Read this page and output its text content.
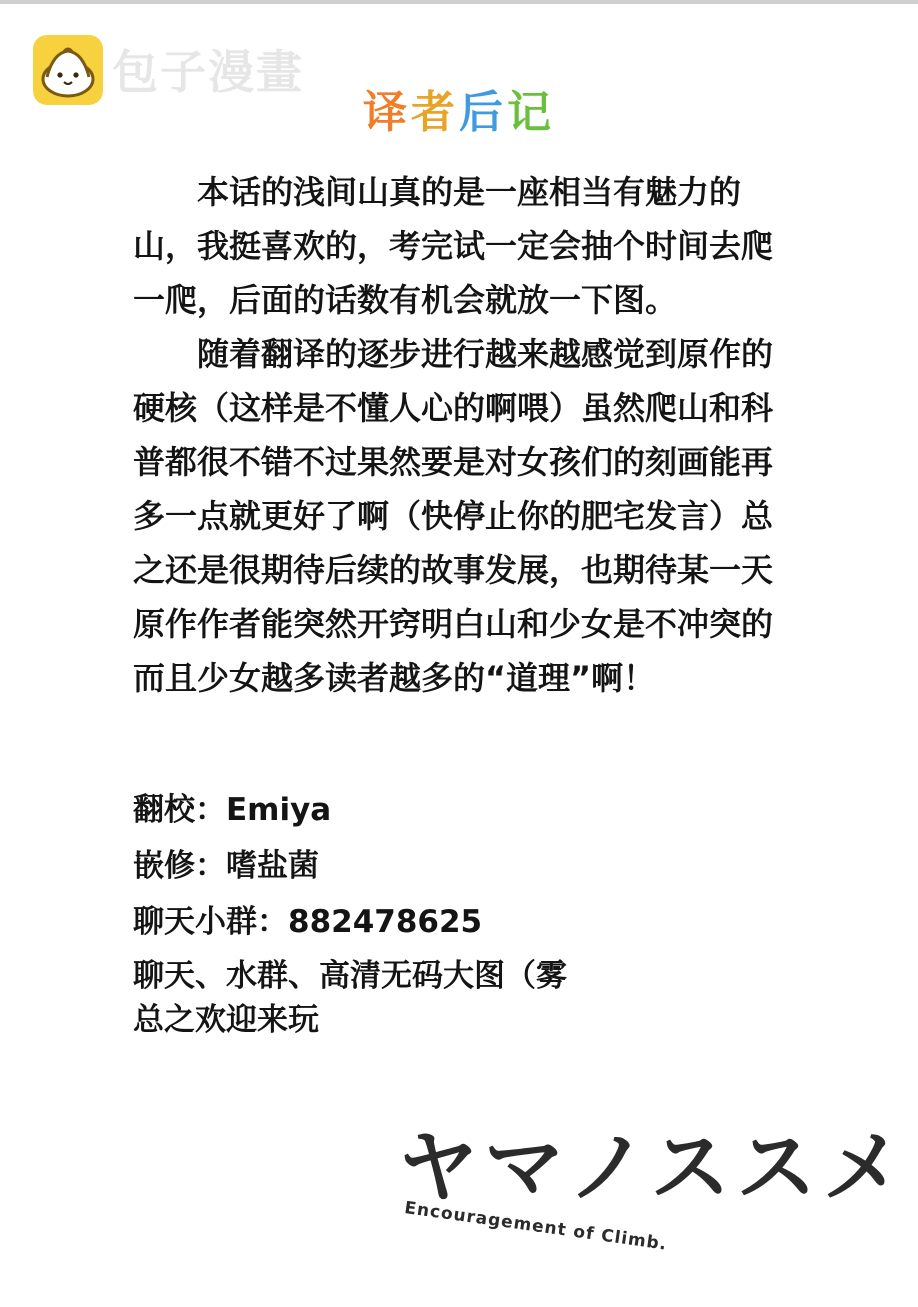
包子漫畫
译者后记

本话的浅间山真的是一座相当有魅力的山，我挺喜欢的，考完试一定会抽个时间去爬一爬，后面的话数有机会就放一下图。

随着翻译的逐步进行越来越感觉到原作的硬核（这样是不懂人心的啊喂）虽然爬山和科普都很不错不过果然要是对女孩们的刻画能再多一点就更好了啊（快停止你的肥宅发言）总之还是很期待后续的故事发展，也期待某一天原作作者能突然开窍明白山和少女是不冲突的而且少女越多读者越多的“道理”啊！

翻校：Emiya
嵌修：嗜盐菌
聊天小群：882478625
聊天、水群、高清无码大图（雾
总之欢迎来玩
ヤマノススメ
Encouragement of Climb.
